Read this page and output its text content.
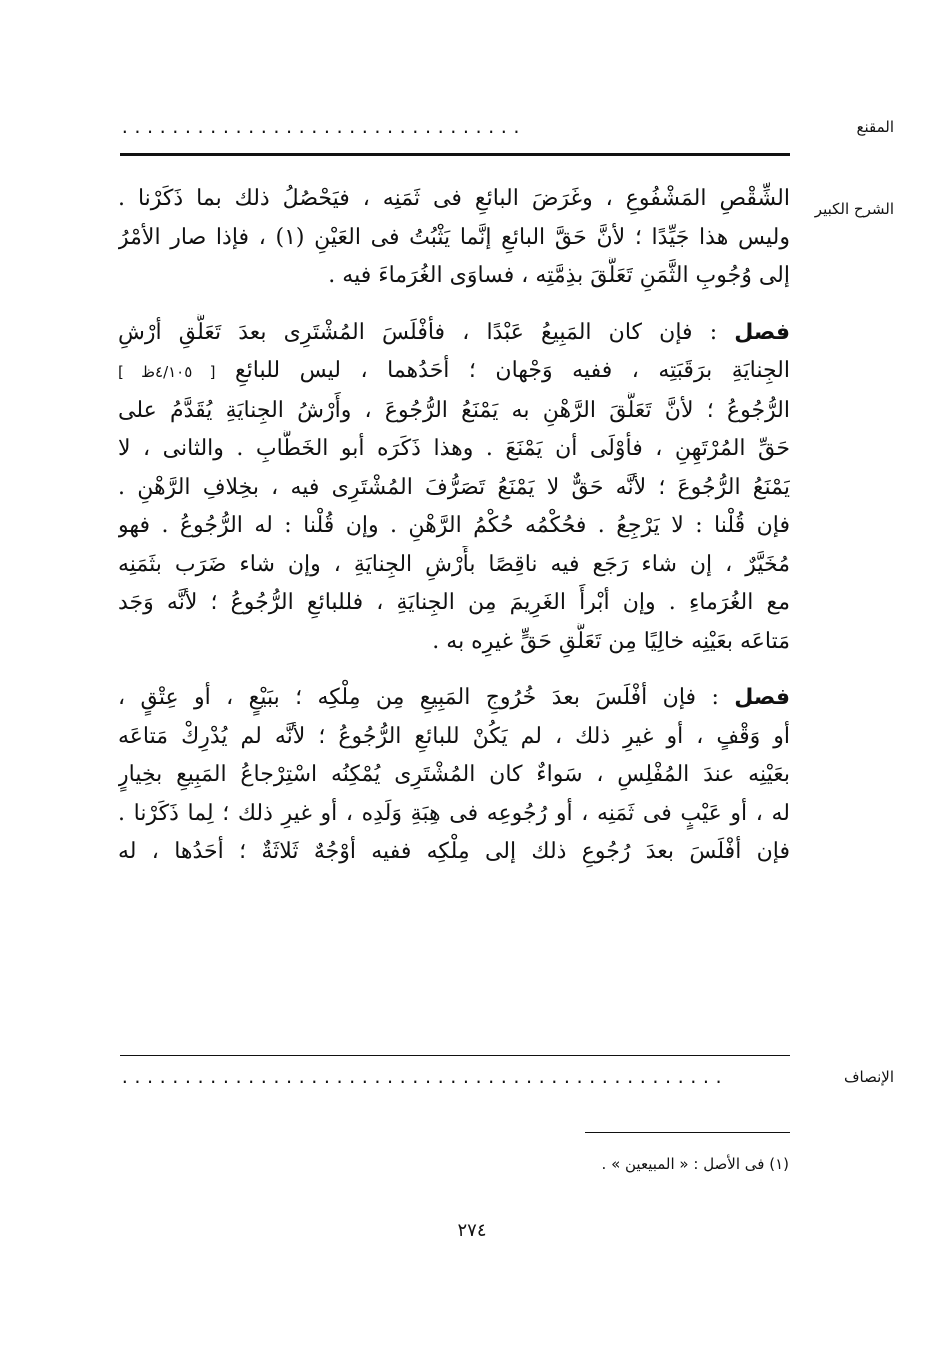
المقنع
................................
الشرح الكبير
الشِّقْصِ المَشْفُوعِ ، وغَرَضَ البائعِ فى ثَمَنِه ، فيَحْصُلُ ذلك بما ذَكَرْنا .
وليس هذا جَيِّدًا ؛ لأنَّ حَقَّ البائعِ إنَّما يَثْبُتُ فى العَيْنِ (١) ، فإذا صار الأمْرُ
إلى وُجُوبِ الثَّمَنِ تَعَلَّقَ بذِمَّتِه ، فساوَى الغُرَماءَ فيه .
فصل : فإن كان المَبِيعُ عَبْدًا ، فأفْلَسَ المُشْتَرِى بعدَ تَعَلُّقِ أرْشِ
الجِنايَةِ برَقَبَتِه ، ففيه وَجْهان ؛ أحَدُهما ، ليس للبائعِ [ ٤/١٠٥ظ ]
الرُّجُوعُ ؛ لأنَّ تَعَلُّقَ الرَّهْنِ به يَمْنَعُ الرُّجُوعَ ، وأَرْشُ الجِنايَةِ يُقَدَّمُ على
حَقِّ المُرْتَهِنِ ، فأوْلَى أن يَمْنَعَ . وهذا ذَكَرَه أبو الخَطَّابِ . والثانى ، لا
يَمْنَعُ الرُّجُوعَ ؛ لأنَّه حَقٌّ لا يَمْنَعُ تَصَرُّفَ المُشْتَرِى فيه ، بخِلافِ الرَّهْنِ .
فإن قُلْنا : لا يَرْجِعُ . فحُكْمُه حُكْمُ الرَّهْنِ . وإن قُلْنا : له الرُّجُوعُ . فهو
مُخَيَّرٌ ، إن شاء رَجَع فيه ناقِصًا بأَرْشِ الجِنايَةِ ، وإن شاء ضَرَب بثَمَنِه
مع الغُرَماءِ . وإن أبْرأَ الغَرِيمَ مِن الجِنايَةِ ، فللبائعِ الرُّجُوعُ ؛ لأنَّه وَجَد
مَتاعَه بعَيْنِه خالِيًا مِن تَعَلُّقِ حَقٍّ غيرِه به .
فصل : فإن أفْلَسَ بعدَ خُرُوجِ المَبِيعِ مِن مِلْكِه ؛ ببَيْعٍ ، أو عِتْقٍ ،
أو وَقْفٍ ، أو غيرِ ذلك ، لم يَكُنْ للبائعِ الرُّجُوعُ ؛ لأنَّه لم يُدْرِكْ مَتاعَه
بعَيْنِه عندَ المُفْلِسِ ، سَواءٌ كان المُشْتَرِى يُمْكِنُه اسْتِرْجاعُ المَبِيعِ بخِيارٍ
له ، أو عَيْبٍ فى ثَمَنِه ، أو رُجُوعِه فى هِبَةِ وَلَدِه ، أو غيرِ ذلك ؛ لِما ذَكَرْنا .
فإن أفْلَسَ بعدَ رُجُوعِ ذلك إلى مِلْكِه ففيه أوْجُهٌ ثَلاثَةٌ ؛ أحَدُها ، له
الإنصاف
................................................
(١) فى الأصل : « المبيعين » .
٢٧٤
